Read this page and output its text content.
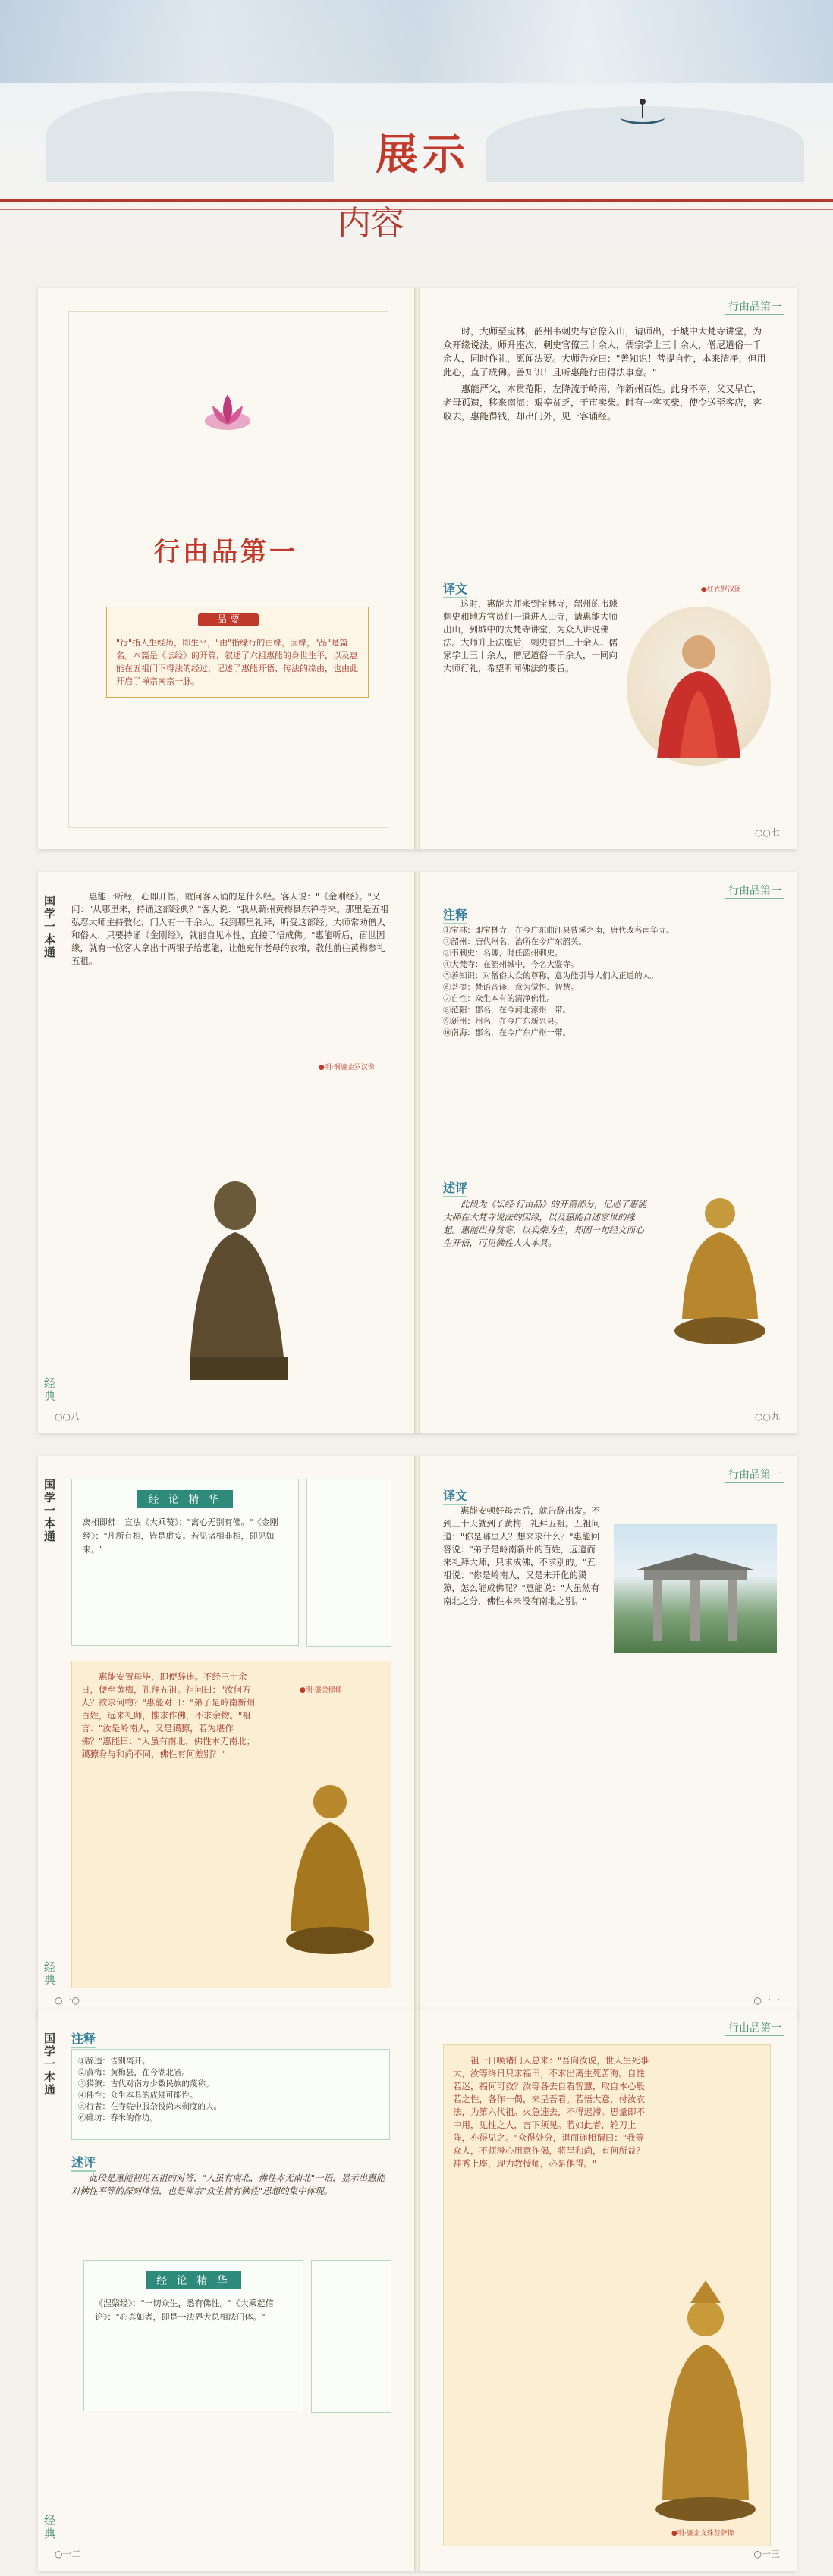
展示
内容
行由品第一
品 要
"行"指人生经历，即生平，"由"指缘行的由缘，因缘，"品"是篇名。本篇是《坛经》的开篇，叙述了六祖惠能的身世生平，以及惠能在五祖门下得法的经过，记述了惠能开悟、传法的缘由，也由此开启了禅宗南宗一脉。
行由品第一

时，大师至宝林，韶州韦刺史与官僚入山，请师出，于城中大梵寺讲堂，为众开缘说法。师升座次，刺史官僚三十余人，儒宗学士三十余人，僧尼道俗一千余人，同时作礼，愿闻法要。大师告众曰："善知识！菩提自性，本来清净，但用此心，直了成佛。善知识！且听惠能行由得法事意。"

惠能严父，本贯范阳，左降流于岭南，作新州百姓。此身不幸，父又早亡，老母孤遗，移来南海；艰辛贫乏，于市卖柴。时有一客买柴，使令送至客店，客收去，惠能得钱，却出门外，见一客诵经。

译文

这时，惠能大师来到宝林寺，韶州的韦璩刺史和地方官员们一道进入山寺，请惠能大师出山，到城中的大梵寺讲堂，为众人讲说佛法。大师升上法座后，刺史官员三十余人、儒家学士三十余人，僧尼道俗一千余人，一同向大师行礼，希望听闻佛法的要旨。

●红衣罗汉图
○○七
国学一本通
经典

惠能一听经，心即开悟，就问客人诵的是什么经。客人说："《金刚经》。"又问："从哪里来，持诵这部经典？"客人说："我从蕲州黄梅县东禅寺来。那里是五祖弘忍大师主持教化，门人有一千余人。我到那里礼拜，听受这部经。大师常劝僧人和俗人，只要持诵《金刚经》，就能自见本性，直接了悟成佛。"惠能听后，宿世因缘，就有一位客人拿出十两银子给惠能，让他充作老母的衣粮，教他前往黄梅参礼五祖。

●明·铜鎏金罗汉像
○○八
行由品第一
注释
①宝林：即宝林寺，在今广东曲江县曹溪之南，唐代改名南华寺。
②韶州：唐代州名，治所在今广东韶关。
③韦刺史：名璩，时任韶州刺史。
④大梵寺：在韶州城中，今名大鉴寺。
⑤善知识：对僧俗大众的尊称，意为能引导人们入正道的人。
⑥菩提：梵语音译，意为觉悟、智慧。
⑦自性：众生本有的清净佛性。
⑧范阳：郡名，在今河北涿州一带。
⑨新州：州名，在今广东新兴县。
⑩南海：郡名，在今广东广州一带。
述评

此段为《坛经·行由品》的开篇部分，记述了惠能大师在大梵寺说法的因缘，以及惠能自述家世的缘起。惠能出身贫寒，以卖柴为生，却因一句经文而心生开悟，可见佛性人人本具。

○○九
国学一本通
经典
经 论 精 华
离相即佛：宣法《大乘赞》："离心无别有佛。"《金刚经》："凡所有相，皆是虚妄。若见诸相非相，即见如来。"

惠能安置母毕，即便辞违。不经三十余日，便至黄梅，礼拜五祖。祖问曰："汝何方人？欲求何物？"惠能对曰："弟子是岭南新州百姓，远来礼师，惟求作佛，不求余物。"祖言："汝是岭南人，又是獦獠，若为堪作佛？"惠能曰："人虽有南北，佛性本无南北；獦獠身与和尚不同，佛性有何差别？"

●明·鎏金佛像
○一○
行由品第一
译文

惠能安顿好母亲后，就告辞出发。不到三十天就到了黄梅，礼拜五祖。五祖问道："你是哪里人？想来求什么？"惠能回答说："弟子是岭南新州的百姓，远道而来礼拜大师，只求成佛，不求别的。"五祖说："你是岭南人，又是未开化的獦獠，怎么能成佛呢？"惠能说："人虽然有南北之分，佛性本来没有南北之别。"

○一一
国学一本通
经典
注释
①辞违：告别离开。
②黄梅：黄梅县，在今湖北省。
③獦獠：古代对南方少数民族的蔑称。
④佛性：众生本具的成佛可能性。
⑤行者：在寺院中服杂役尚未剃度的人。
⑥碓坊：舂米的作坊。
述评

此段是惠能初见五祖的对答，"人虽有南北，佛性本无南北"一语，显示出惠能对佛性平等的深刻体悟，也是禅宗"众生皆有佛性"思想的集中体现。

经 论 精 华
《涅槃经》："一切众生，悉有佛性。"《大乘起信论》："心真如者，即是一法界大总相法门体。"
○一二
行由品第一

祖一日唤诸门人总来："吾向汝说，世人生死事大，汝等终日只求福田，不求出离生死苦海。自性若迷，福何可救？汝等各去自看智慧，取自本心般若之性，各作一偈，来呈吾看。若悟大意，付汝衣法，为第六代祖。火急速去，不得迟滞。思量即不中用，见性之人，言下须见。若如此者，轮刀上阵，亦得见之。"众得处分，退而递相谓曰："我等众人，不须澄心用意作偈，将呈和尚，有何所益？神秀上座，现为教授师，必是他得。"

●明·鎏金文殊菩萨像
○一三
